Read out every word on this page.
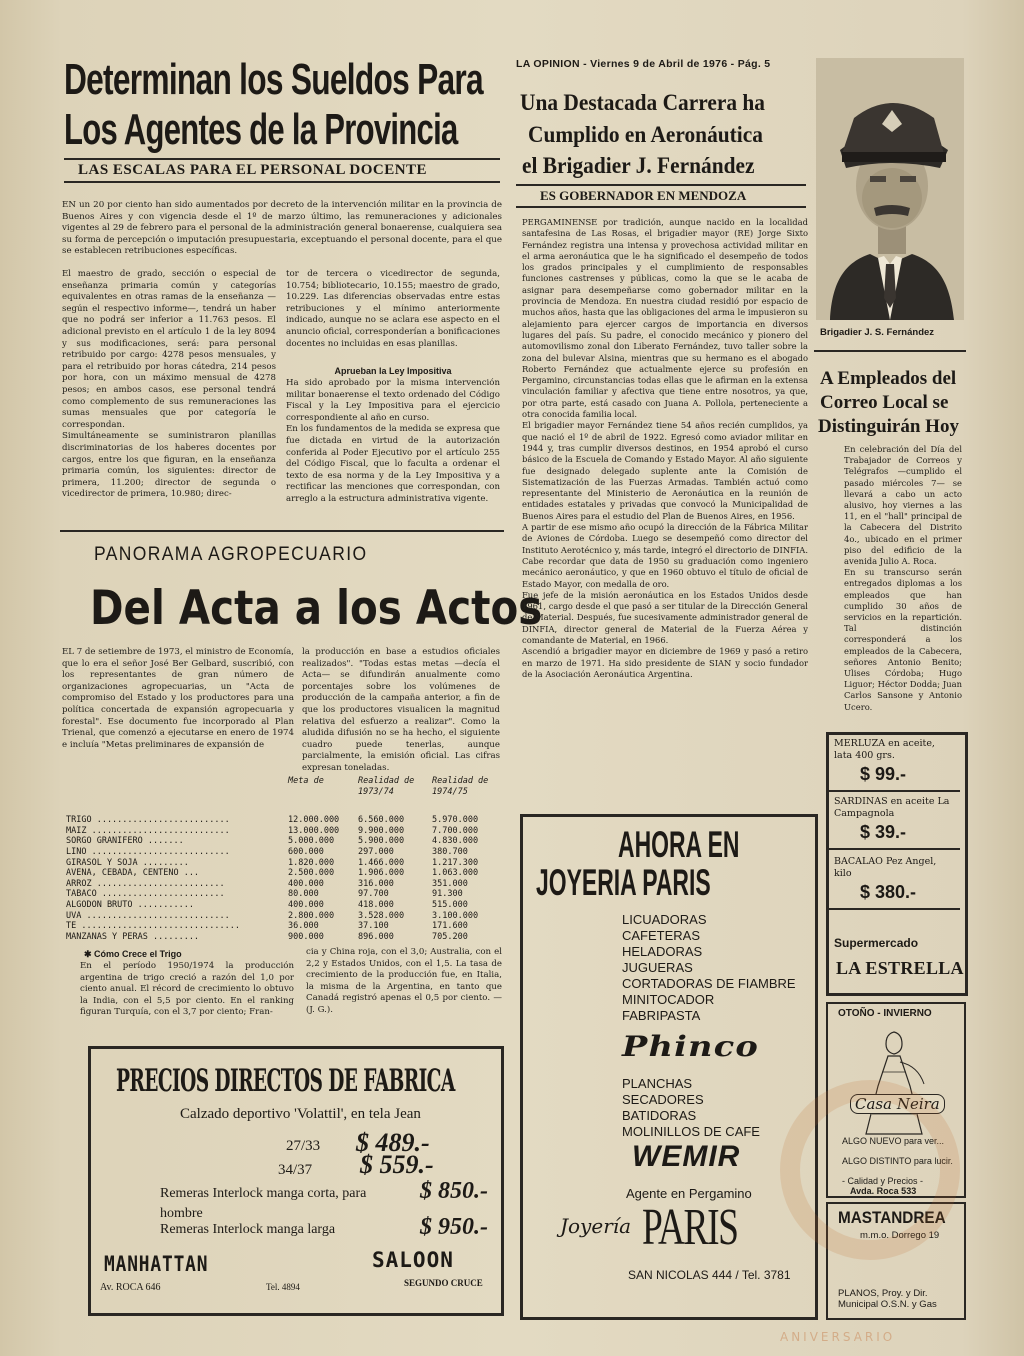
Determinan los Sueldos Para
Los Agentes de la Provincia
LAS ESCALAS PARA EL PERSONAL DOCENTE
EN un 20 por ciento han sido aumentados por decreto de la intervención militar en la provincia de Buenos Aires y con vigencia desde el 1º de marzo último, las remuneraciones y adicionales vigentes al 29 de febrero para el personal de la administración general bonaerense, cualquiera sea su forma de percepción o imputación presupuestaria, exceptuando el personal docente, para el que se establecen retribuciones específicas.
El maestro de grado, sección o especial de enseñanza primaria común y categorías equivalentes en otras ramas de la enseñanza —según el respectivo informe—, tendrá un haber que no podrá ser inferior a 11.763 pesos. El adicional previsto en el artículo 1 de la ley 8094 y sus modificaciones, será: para personal retribuido por cargo: 4278 pesos mensuales, y para el retribuido por horas cátedra, 214 pesos por hora, con un máximo mensual de 4278 pesos; en ambos casos, ese personal tendrá como complemento de sus remuneraciones las sumas mensuales que por categoría le correspondan.
Simultáneamente se suministraron planillas discriminatorias de los haberes docentes por cargos, entre los que figuran, en la enseñanza primaria común, los siguientes: director de primera, 11.200; director de segunda o vicedirector de primera, 10.980; direc-
tor de tercera o vicedirector de segunda, 10.754; bibliotecario, 10.155; maestro de grado, 10.229. Las diferencias observadas entre estas retribuciones y el mínimo anteriormente indicado, aunque no se aclara ese aspecto en el anuncio oficial, corresponderían a bonificaciones docentes no incluidas en esas planillas.
Aprueban la Ley Impositiva
Ha sido aprobado por la misma intervención militar bonaerense el texto ordenado del Código Fiscal y la Ley Impositiva para el ejercicio correspondiente al año en curso.
En los fundamentos de la medida se expresa que fue dictada en virtud de la autorización conferida al Poder Ejecutivo por el artículo 255 del Código Fiscal, que lo faculta a ordenar el texto de esa norma y de la Ley Impositiva y a rectificar las menciones que correspondan, con arreglo a la estructura administrativa vigente.
PANORAMA AGROPECUARIO
Del Acta a los Actos
EL 7 de setiembre de 1973, el ministro de Economía, que lo era el señor José Ber Gelbard, suscribió, con los representantes de gran número de organizaciones agropecuarias, un "Acta de compromiso del Estado y los productores para una política concertada de expansión agropecuaria y forestal". Ese documento fue incorporado al Plan Trienal, que comenzó a ejecutarse en enero de 1974 e incluía "Metas preliminares de expansión de
la producción en base a estudios oficiales realizados". "Todas estas metas —decía el Acta— se difundirán anualmente como porcentajes sobre los volúmenes de producción de la campaña anterior, a fin de que los productores visualicen la magnitud relativa del esfuerzo a realizar". Como la aludida difusión no se ha hecho, el siguiente cuadro puede tenerlas, aunque parcialmente, la emisión oficial. Las cifras expresan toneladas.
	Meta de	Realidad de	Realidad de
		1973/74	1974/75

TRIGO ..........................	12.000.000	6.560.000	5.970.000
MAIZ ...........................	13.000.000	9.900.000	7.700.000
SORGO GRANIFERO .......	5.000.000	5.900.000	4.830.000
LINO ...........................	600.000	297.000	380.700
GIRASOL Y SOJA .........	1.820.000	1.466.000	1.217.300
AVENA, CEBADA, CENTENO ...	2.500.000	1.906.000	1.063.000
ARROZ .........................	400.000	316.000	351.000
TABACO ........................	80.000	97.700	91.300
ALGODON BRUTO ...........	400.000	418.000	515.000
UVA ............................	2.800.000	3.528.000	3.100.000
TE ...............................	36.000	37.100	171.600
MANZANAS Y PERAS .........	900.000	896.000	705.200
✱ Cómo Crece el Trigo
En el período 1950/1974 la producción argentina de trigo creció a razón del 1,0 por ciento anual. El récord de crecimiento lo obtuvo la India, con el 5,5 por ciento. En el ranking figuran Turquía, con el 3,7 por ciento; Fran-
cia y China roja, con el 3,0; Australia, con el 2,2 y Estados Unidos, con el 1,5. La tasa de crecimiento de la producción fue, en Italia, la misma de la Argentina, en tanto que Canadá registró apenas el 0,5 por ciento. — (J. G.).
PRECIOS DIRECTOS DE FABRICA
Calzado deportivo 'Volattil', en tela Jean
27/33 $ 489.-
34/37 $ 559.-
Remeras Interlock manga corta, para hombre
$ 850.-
Remeras Interlock manga larga	$ 950.-
MANHATTAN	SALOON
Av. ROCA 646	Tel. 4894	SEGUNDO CRUCE
LA OPINION - Viernes 9 de Abril de 1976 - Pág. 5
Una Destacada Carrera ha
Cumplido en Aeronáutica
el Brigadier J. Fernández
ES GOBERNADOR EN MENDOZA
Brigadier J. S. Fernández
PERGAMINENSE por tradición, aunque nacido en la localidad santafesina de Las Rosas, el brigadier mayor (RE) Jorge Sixto Fernández registra una intensa y provechosa actividad militar en el arma aeronáutica que le ha significado el desempeño de todos los grados principales y el cumplimiento de responsables funciones castrenses y públicas, como la que se le acaba de asignar para desempeñarse como gobernador militar en la provincia de Mendoza. En nuestra ciudad residió por espacio de muchos años, hasta que las obligaciones del arma le impusieron su alejamiento para ejercer cargos de importancia en diversos lugares del país. Su padre, el conocido mecánico y pionero del automovilismo zonal don Liberato Fernández, tuvo taller sobre la zona del bulevar Alsina, mientras que su hermano es el abogado Roberto Fernández que actualmente ejerce su profesión en Pergamino, circunstancias todas ellas que le afirman en la extensa vinculación familiar y afectiva que tiene entre nosotros, ya que, por otra parte, está casado con Juana A. Pollola, perteneciente a otra conocida familia local.
El brigadier mayor Fernández tiene 54 años recién cumplidos, ya que nació el 1º de abril de 1922. Egresó como aviador militar en 1944 y, tras cumplir diversos destinos, en 1954 aprobó el curso básico de la Escuela de Comando y Estado Mayor. Al año siguiente fue designado delegado suplente ante la Comisión de Sistematización de las Fuerzas Armadas. También actuó como representante del Ministerio de Aeronáutica en la reunión de entidades estatales y privadas que convocó la Municipalidad de Buenos Aires para el estudio del Plan de Buenos Aires, en 1956.
A partir de ese mismo año ocupó la dirección de la Fábrica Militar de Aviones de Córdoba. Luego se desempeñó como director del Instituto Aerotécnico y, más tarde, integró el directorio de DINFIA. Cabe recordar que data de 1950 su graduación como ingeniero mecánico aeronáutico, y que en 1960 obtuvo el título de oficial de Estado Mayor, con medalla de oro.
Fue jefe de la misión aeronáutica en los Estados Unidos desde 1961, cargo desde el que pasó a ser titular de la Dirección General de Material. Después, fue sucesivamente administrador general de DINFIA, director general de Material de la Fuerza Aérea y comandante de Material, en 1966.
Ascendió a brigadier mayor en diciembre de 1969 y pasó a retiro en marzo de 1971. Ha sido presidente de SIAN y socio fundador de la Asociación Aeronáutica Argentina.
A Empleados del
Correo Local se
Distinguirán Hoy
En celebración del Día del Trabajador de Correos y Telégrafos —cumplido el pasado miércoles 7— se llevará a cabo un acto alusivo, hoy viernes a las 11, en el "hall" principal de la Cabecera del Distrito 4o., ubicado en el primer piso del edificio de la avenida Julio A. Roca.
En su transcurso serán entregados diplomas a los empleados que han cumplido 30 años de servicios en la repartición. Tal distinción corresponderá a los empleados de la Cabecera, señores Antonio Benito; Ulises Córdoba; Hugo Liguor; Héctor Dodda; Juan Carlos Sansone y Antonio Ucero.
AHORA EN
JOYERIA PARIS
LICUADORAS
CAFETERAS
HELADORAS
JUGUERAS
CORTADORAS DE FIAMBRE
MINITOCADOR
FABRIPASTA
Phinco
PLANCHAS
SECADORES
BATIDORAS
MOLINILLOS DE CAFE
WEMIR
Agente en Pergamino
Joyería PARIS
SAN NICOLAS 444 / Tel. 3781
MERLUZA en aceite, lata 400 grs.
$ 99.-
SARDINAS en aceite La Campagnola
$ 39.-
BACALAO Pez Angel, kilo
$ 380.-
Supermercado
LA ESTRELLA
OTOÑO - INVIERNO
Casa Neira
ALGO NUEVO para ver...
ALGO DISTINTO para lucir.
- Calidad y Precios -
Avda. Roca 533
MASTANDREA
m.m.o. Dorrego 19
PLANOS, Proy. y Dir. Municipal O.S.N. y Gas
ANIVERSARIO
